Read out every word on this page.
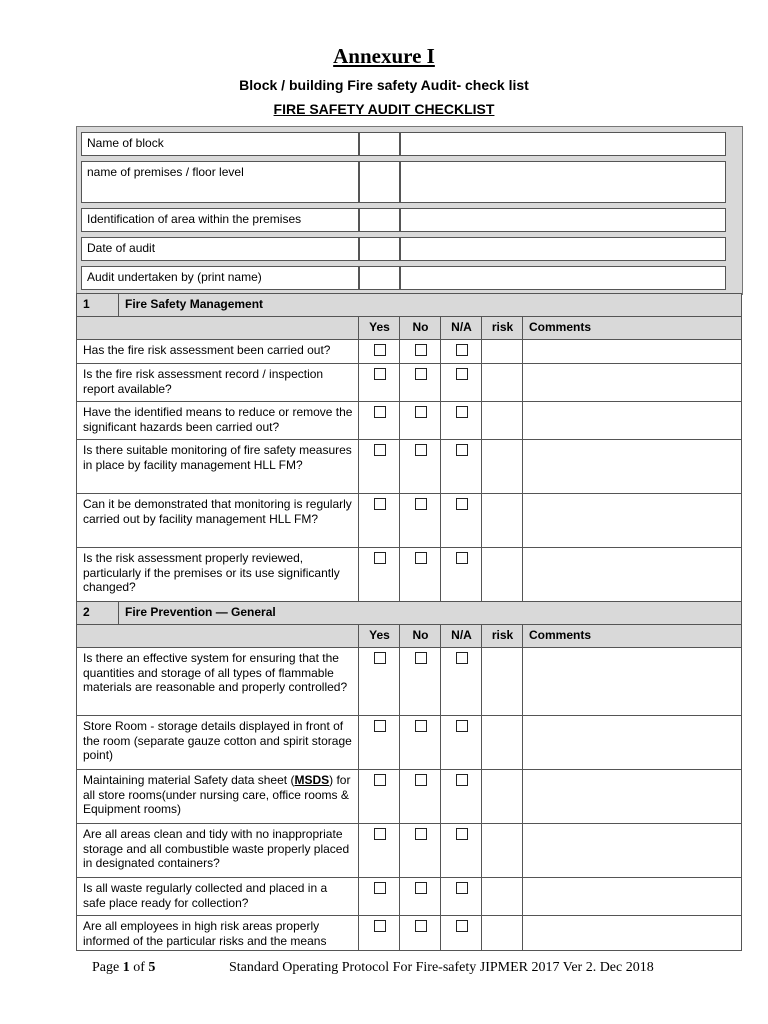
Annexure I
Block / building Fire safety Audit- check list
FIRE SAFETY AUDIT CHECKLIST
Name of block
name of premises / floor level
Identification of area within the premises
Date of audit
Audit undertaken by (print name)
1	Fire Safety Management					
		Yes	No	N/A	risk	Comments
Has the fire risk assessment been carried out?						
Is the fire risk assessment record / inspection report available?						
Have the identified means to reduce or remove the significant hazards been carried out?						
Is there suitable monitoring of fire safety measures in place by facility management HLL FM?						
Can it be demonstrated that monitoring is regularly carried out by facility management HLL FM?						
Is the risk assessment properly reviewed, particularly if the premises or its use significantly changed?						
2	Fire Prevention — General					
		Yes	No	N/A	risk	Comments
Is there an effective system for ensuring that the quantities and storage of all types of flammable materials are reasonable and properly controlled?						
Store Room - storage details displayed in front of the room (separate gauze cotton and spirit storage point)						
Maintaining material Safety data sheet (MSDS) for all store rooms(under nursing care, office rooms & Equipment rooms)						
Are all areas clean and tidy with no inappropriate storage and all combustible waste properly placed in designated containers?						
Is all waste regularly collected and placed in a safe place ready for collection?						
Are all employees in high risk areas properly informed of the particular risks and the means						
Page 1 of 5	Standard Operating Protocol For Fire-safety JIPMER 2017 Ver 2. Dec 2018
